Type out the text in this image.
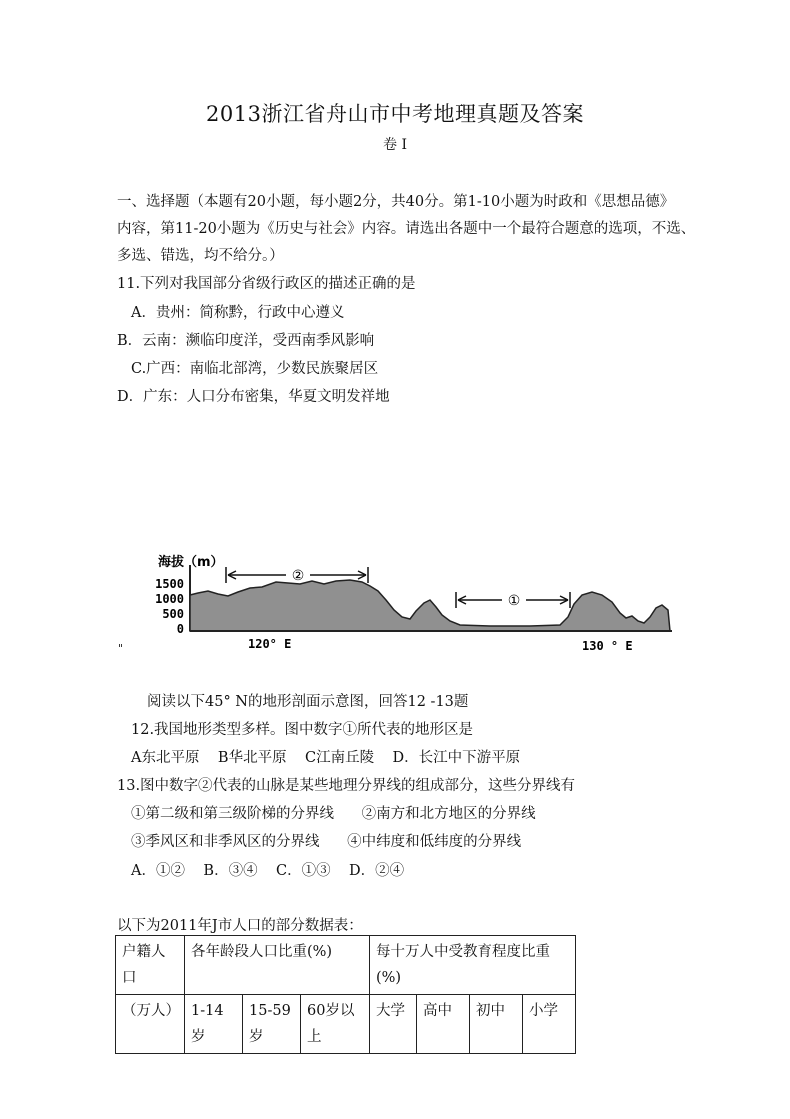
2013浙江省舟山市中考地理真题及答案
卷 I
一、选择题（本题有20小题，每小题2分，共40分。第1-10小题为时政和《思想品德》
内容，第11-20小题为《历史与社会》内容。请选出各题中一个最符合题意的选项，不选、
多选、错选，均不给分。）
11.下列对我国部分省级行政区的描述正确的是
A．贵州：简称黔，行政中心遵义
B．云南：濒临印度洋，受西南季风影响
C.广西：南临北部湾，少数民族聚居区
D．广东：人口分布密集，华夏文明发祥地
海拔（m）
1500
1000
500
0
②
①
120° E	130 ° E
"
阅读以下45° N的地形剖面示意图，回答12 -13题
12.我国地形类型多样。图中数字①所代表的地形区是
A东北平原    B华北平原    C江南丘陵    D．长江中下游平原
13.图中数字②代表的山脉是某些地理分界线的组成部分，这些分界线有
①第二级和第三级阶梯的分界线      ②南方和北方地区的分界线
③季风区和非季风区的分界线      ④中纬度和低纬度的分界线
A．①②    B．③④    C．①③    D．②④
以下为2011年J市人口的部分数据表：
户籍人口	各年龄段人口比重(%)			每十万人中受教育程度比重(%)			
（万人）	1-14岁	15-59岁	60岁以上	大学	高中	初中	小学
